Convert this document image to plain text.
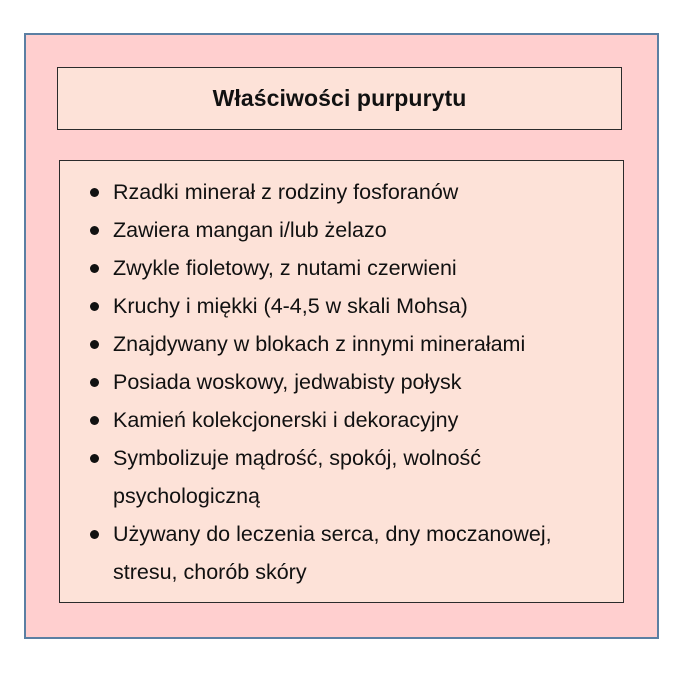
Właściwości purpurytu
Rzadki minerał z rodziny fosforanów
Zawiera mangan i/lub żelazo
Zwykle fioletowy, z nutami czerwieni
Kruchy i miękki (4-4,5 w skali Mohsa)
Znajdywany w blokach z innymi minerałami
Posiada woskowy, jedwabisty połysk
Kamień kolekcjonerski i dekoracyjny
Symbolizuje mądrość, spokój, wolność psychologiczną
Używany do leczenia serca, dny moczanowej, stresu, chorób skóry
